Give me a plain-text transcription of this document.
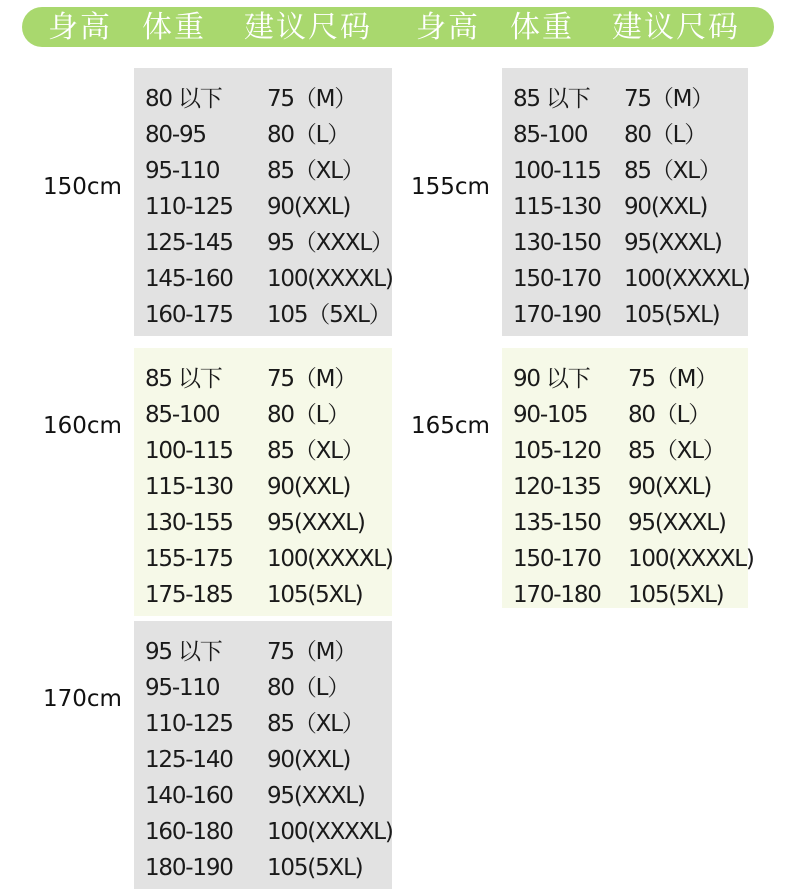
身高 体重 建议尺码 身高 体重 建议尺码
150cm
80 以下 75（M）
80-95	80（L）
95-110 85（XL）
110-125 90(XXL)
125-145 95（XXXL）
145-160 100(XXXXL)
160-175 105（5XL）
155cm
85 以下 75（M）
85-100 80（L）
100-115 85（XL）
115-130 90(XXL)
130-150 95(XXXL)
150-170 100(XXXXL)
170-190 105(5XL)
160cm
85 以下 75（M）
85-100 80（L）
100-115 85（XL）
115-130 90(XXL)
130-155 95(XXXL)
155-175 100(XXXXL)
175-185 105(5XL)
165cm
90 以下 75（M）
90-105 80（L）
105-120 85（XL）
120-135 90(XXL)
135-150 95(XXXL)
150-170 100(XXXXL)
170-180 105(5XL)
170cm
95 以下 75（M）
95-110 80（L）
110-125 85（XL）
125-140 90(XXL)
140-160 95(XXXL)
160-180 100(XXXXL)
180-190 105(5XL)
